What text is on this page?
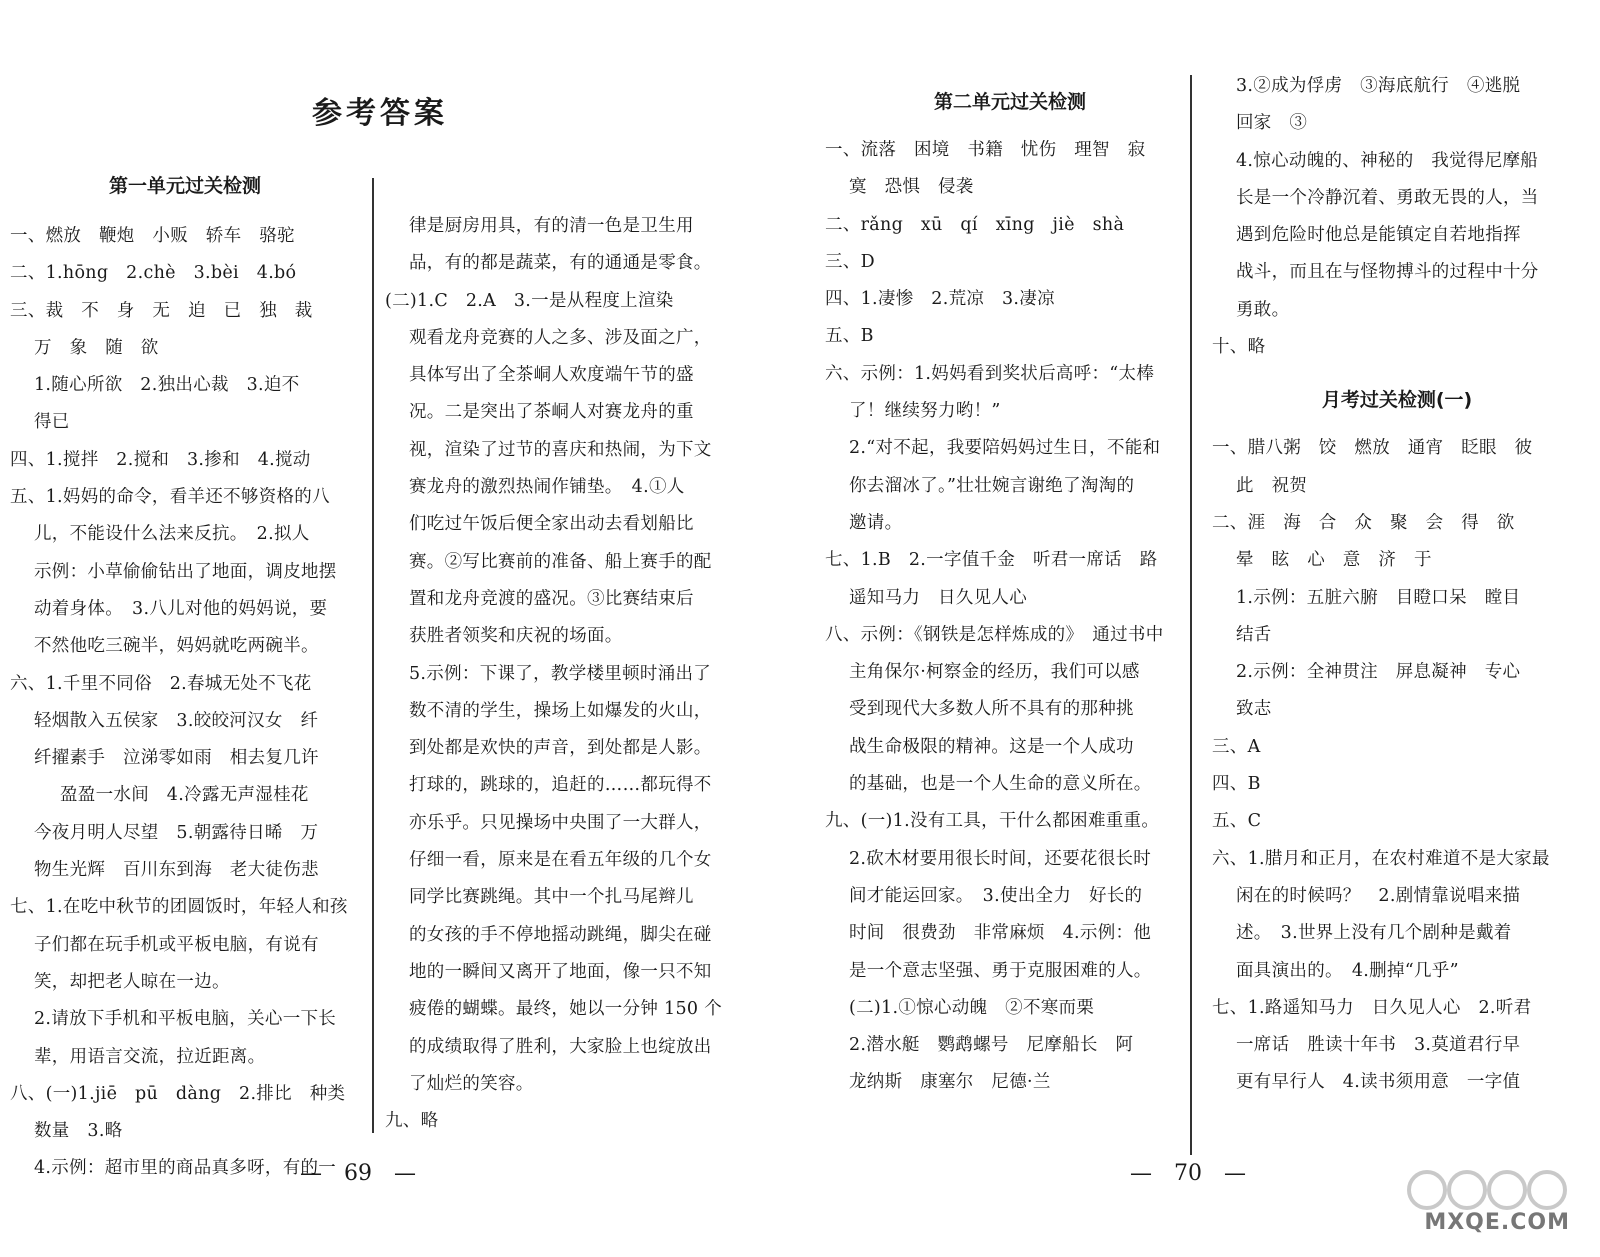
参考答案
第一单元过关检测

一、燃放　鞭炮　小贩　轿车　骆驼

二、1.hōng　2.chè　3.bèi　4.bó

三、裁　不　身　无　迫　已　独　裁

万　象　随　欲

1.随心所欲　2.独出心裁　3.迫不

得已

四、1.搅拌　2.搅和　3.掺和　4.搅动

五、1.妈妈的命令，看羊还不够资格的八

儿，不能设什么法来反抗。　2.拟人

示例：小草偷偷钻出了地面，调皮地摆

动着身体。　3.八儿对他的妈妈说，要

不然他吃三碗半，妈妈就吃两碗半。

六、1.千里不同俗　2.春城无处不飞花

轻烟散入五侯家　3.皎皎河汉女　纤

纤擢素手　泣涕零如雨　相去复几许

盈盈一水间　4.冷露无声湿桂花

今夜月明人尽望　5.朝露待日晞　万

物生光辉　百川东到海　老大徒伤悲

七、1.在吃中秋节的团圆饭时，年轻人和孩

子们都在玩手机或平板电脑，有说有

笑，却把老人晾在一边。

2.请放下手机和平板电脑，关心一下长

辈，用语言交流，拉近距离。

八、(一)1.jiē　pū　dàng　2.排比　种类

数量　3.略

4.示例：超市里的商品真多呀，有的一

律是厨房用具，有的清一色是卫生用

品，有的都是蔬菜，有的通通是零食。

(二)1.C　2.A　3.一是从程度上渲染

观看龙舟竞赛的人之多、涉及面之广，

具体写出了全茶峒人欢度端午节的盛

况。二是突出了茶峒人对赛龙舟的重

视，渲染了过节的喜庆和热闹，为下文

赛龙舟的激烈热闹作铺垫。　4.①人

们吃过午饭后便全家出动去看划船比

赛。②写比赛前的准备、船上赛手的配

置和龙舟竞渡的盛况。③比赛结束后

获胜者领奖和庆祝的场面。

5.示例：下课了，教学楼里顿时涌出了

数不清的学生，操场上如爆发的火山，

到处都是欢快的声音，到处都是人影。

打球的，跳球的，追赶的……都玩得不

亦乐乎。只见操场中央围了一大群人，

仔细一看，原来是在看五年级的几个女

同学比赛跳绳。其中一个扎马尾辫儿

的女孩的手不停地摇动跳绳，脚尖在碰

地的一瞬间又离开了地面，像一只不知

疲倦的蝴蝶。最终，她以一分钟 150 个

的成绩取得了胜利，大家脸上也绽放出

了灿烂的笑容。

九、略

—　69　—
第二单元过关检测

一、流落　困境　书籍　忧伤　理智　寂

寞　恐惧　侵袭

二、rǎng　xū　qí　xīng　jiè　shà

三、D

四、1.凄惨　2.荒凉　3.凄凉

五、B

六、示例：1.妈妈看到奖状后高呼：“太棒

了！继续努力哟！”

2.“对不起，我要陪妈妈过生日，不能和

你去溜冰了。”壮壮婉言谢绝了淘淘的

邀请。

七、1.B　2.一字值千金　听君一席话　路

遥知马力　日久见人心

八、示例：《钢铁是怎样炼成的》　通过书中

主角保尔·柯察金的经历，我们可以感

受到现代大多数人所不具有的那种挑

战生命极限的精神。这是一个人成功

的基础，也是一个人生命的意义所在。

九、(一)1.没有工具，干什么都困难重重。

2.砍木材要用很长时间，还要花很长时

间才能运回家。　3.使出全力　好长的

时间　很费劲　非常麻烦　4.示例：他

是一个意志坚强、勇于克服困难的人。

(二)1.①惊心动魄　②不寒而栗

2.潜水艇　鹦鹉螺号　尼摩船长　阿

龙纳斯　康塞尔　尼德·兰

3.②成为俘虏　③海底航行　④逃脱

回家　③

4.惊心动魄的、神秘的　我觉得尼摩船

长是一个冷静沉着、勇敢无畏的人，当

遇到危险时他总是能镇定自若地指挥

战斗，而且在与怪物搏斗的过程中十分

勇敢。

十、略

月考过关检测(一)

一、腊八粥　饺　燃放　通宵　眨眼　彼

此　祝贺

二、涯　海　合　众　聚　会　得　欲

晕　眩　心　意　济　于

1.示例：五脏六腑　目瞪口呆　瞠目

结舌

2.示例：全神贯注　屏息凝神　专心

致志

三、A

四、B

五、C

六、1.腊月和正月，在农村难道不是大家最

闲在的时候吗？　2.剧情靠说唱来描

述。　3.世界上没有几个剧种是戴着

面具演出的。　4.删掉“几乎”

七、1.路遥知马力　日久见人心　2.听君

一席话　胜读十年书　3.莫道君行早

更有早行人　4.读书须用意　一字值

—　70　—
MXQE.COM
